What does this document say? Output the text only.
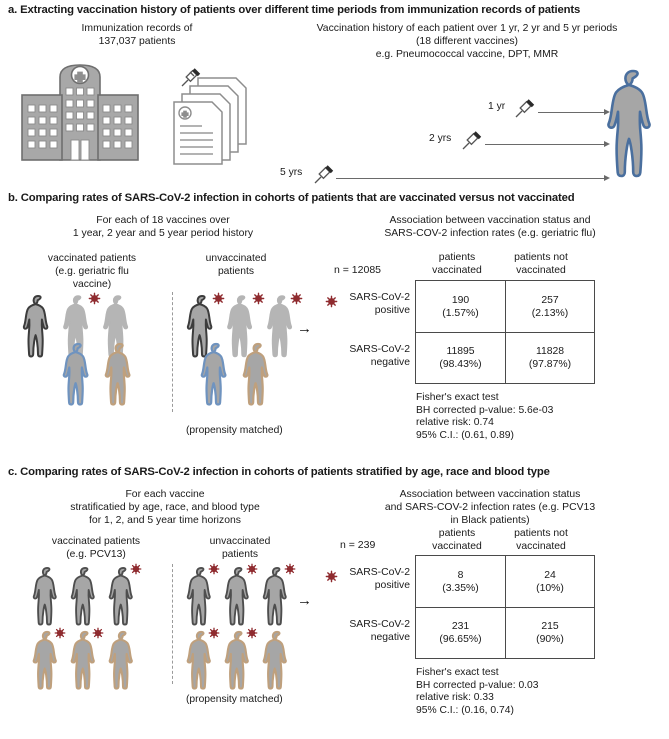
a. Extracting vaccination history of patients over different time periods from immunization records of patients
Immunization records of
137,037 patients
Vaccination history of each patient over 1 yr, 2 yr and 5 yr periods
(18 different vaccines)
e.g. Pneumococcal vaccine, DPT, MMR
1 yr
2 yrs
5 yrs
b. Comparing rates of SARS-CoV-2 infection in cohorts of patients that are vaccinated versus not vaccinated
For each of 18 vaccines over
1 year, 2 year and 5 year period history
Association between vaccination status and
SARS-COV-2 infection rates (e.g. geriatric flu)
vaccinated patients
(e.g. geriatric flu
vaccine)
unvaccinated
patients
(propensity matched)
→
n = 12085
patients
vaccinated
patients not
vaccinated
SARS-CoV-2
positive
SARS-CoV-2
negative
190
(1.57%)
257
(2.13%)
11895
(98.43%)
11828
(97.87%)
Fisher's exact test
BH corrected p-value: 5.6e-03
relative risk: 0.74
95% C.I.: (0.61, 0.89)
c. Comparing rates of SARS-CoV-2 infection in cohorts of patients stratified by age, race and blood type
For each vaccine
stratificatied by age, race, and blood type
for 1, 2, and 5 year time horizons
Association between vaccination status
and SARS-COV-2 infection rates (e.g. PCV13
in Black patients)
vaccinated patients
(e.g. PCV13)
unvaccinated
patients
(propensity matched)
→
n = 239
patients
vaccinated
patients not
vaccinated
SARS-CoV-2
positive
SARS-CoV-2
negative
8
(3.35%)
24
(10%)
231
(96.65%)
215
(90%)
Fisher's exact test
BH corrected p-value: 0.03
relative risk: 0.33
95% C.I.: (0.16, 0.74)
